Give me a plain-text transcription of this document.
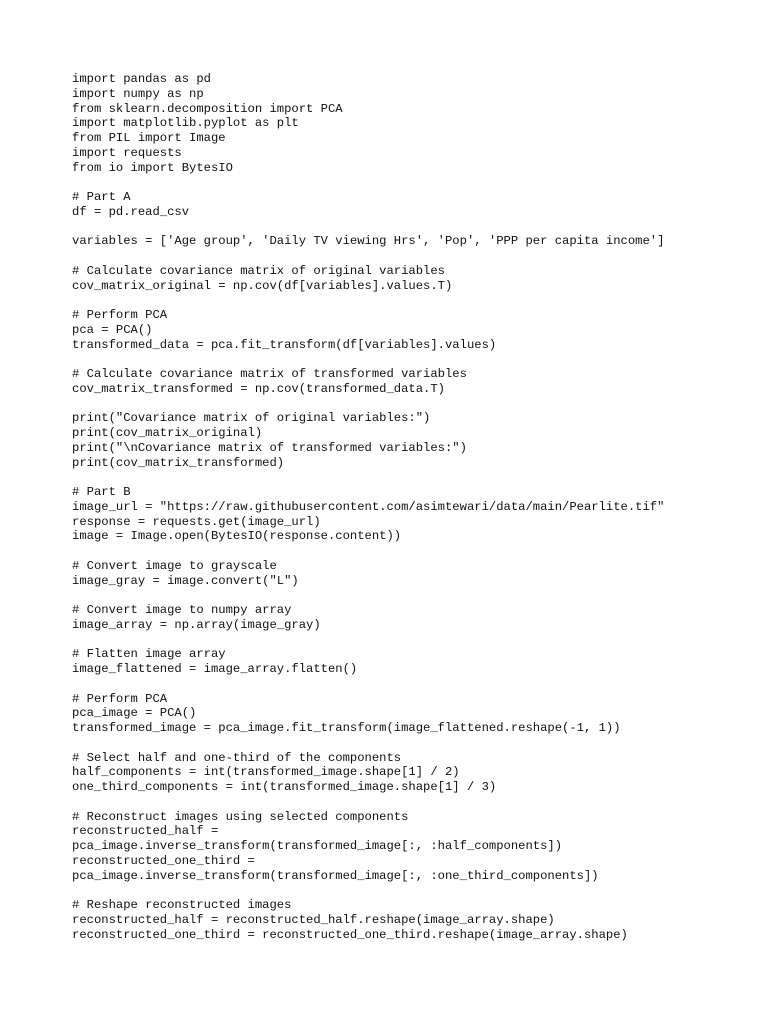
import pandas as pd
import numpy as np
from sklearn.decomposition import PCA
import matplotlib.pyplot as plt
from PIL import Image
import requests
from io import BytesIO
# Part A
df = pd.read_csv
variables = ['Age group', 'Daily TV viewing Hrs', 'Pop', 'PPP per capita income']
# Calculate covariance matrix of original variables
cov_matrix_original = np.cov(df[variables].values.T)
# Perform PCA
pca = PCA()
transformed_data = pca.fit_transform(df[variables].values)
# Calculate covariance matrix of transformed variables
cov_matrix_transformed = np.cov(transformed_data.T)
print("Covariance matrix of original variables:")
print(cov_matrix_original)
print("\nCovariance matrix of transformed variables:")
print(cov_matrix_transformed)
# Part B
image_url = "https://raw.githubusercontent.com/asimtewari/data/main/Pearlite.tif"
response = requests.get(image_url)
image = Image.open(BytesIO(response.content))
# Convert image to grayscale
image_gray = image.convert("L")
# Convert image to numpy array
image_array = np.array(image_gray)
# Flatten image array
image_flattened = image_array.flatten()
# Perform PCA
pca_image = PCA()
transformed_image = pca_image.fit_transform(image_flattened.reshape(-1, 1))
# Select half and one-third of the components
half_components = int(transformed_image.shape[1] / 2)
one_third_components = int(transformed_image.shape[1] / 3)
# Reconstruct images using selected components
reconstructed_half =
pca_image.inverse_transform(transformed_image[:, :half_components])
reconstructed_one_third =
pca_image.inverse_transform(transformed_image[:, :one_third_components])
# Reshape reconstructed images
reconstructed_half = reconstructed_half.reshape(image_array.shape)
reconstructed_one_third = reconstructed_one_third.reshape(image_array.shape)
